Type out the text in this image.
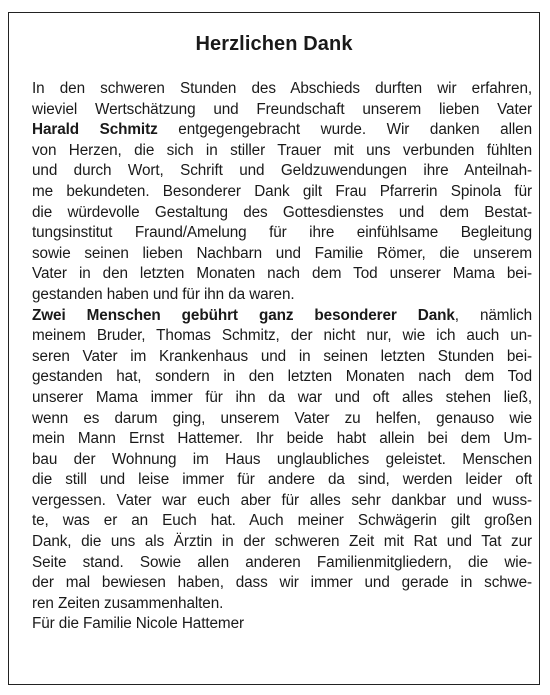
Herzlichen Dank
In den schweren Stunden des Abschieds durften wir erfahren,
wieviel Wertschätzung und Freundschaft unserem lieben Vater
Harald Schmitz entgegengebracht wurde. Wir danken allen
von Herzen, die sich in stiller Trauer mit uns verbunden fühlten
und durch Wort, Schrift und Geldzuwendungen ihre Anteilnah-
me bekundeten. Besonderer Dank gilt Frau Pfarrerin Spinola für
die würdevolle Gestaltung des Gottesdienstes und dem Bestat-
tungsinstitut Fraund/Amelung für ihre einfühlsame Begleitung
sowie seinen lieben Nachbarn und Familie Römer, die unserem
Vater in den letzten Monaten nach dem Tod unserer Mama bei-
gestanden haben und für ihn da waren.
Zwei Menschen gebührt ganz besonderer Dank, nämlich
meinem Bruder, Thomas Schmitz, der nicht nur, wie ich auch un-
seren Vater im Krankenhaus und in seinen letzten Stunden bei-
gestanden hat, sondern in den letzten Monaten nach dem Tod
unserer Mama immer für ihn da war und oft alles stehen ließ,
wenn es darum ging, unserem Vater zu helfen, genauso wie
mein Mann Ernst Hattemer. Ihr beide habt allein bei dem Um-
bau der Wohnung im Haus unglaubliches geleistet. Menschen
die still und leise immer für andere da sind, werden leider oft
vergessen. Vater war euch aber für alles sehr dankbar und wuss-
te, was er an Euch hat. Auch meiner Schwägerin gilt großen
Dank, die uns als Ärztin in der schweren Zeit mit Rat und Tat zur
Seite stand. Sowie allen anderen Familienmitgliedern, die wie-
der mal bewiesen haben, dass wir immer und gerade in schwe-
ren Zeiten zusammenhalten.
Für die Familie Nicole Hattemer
